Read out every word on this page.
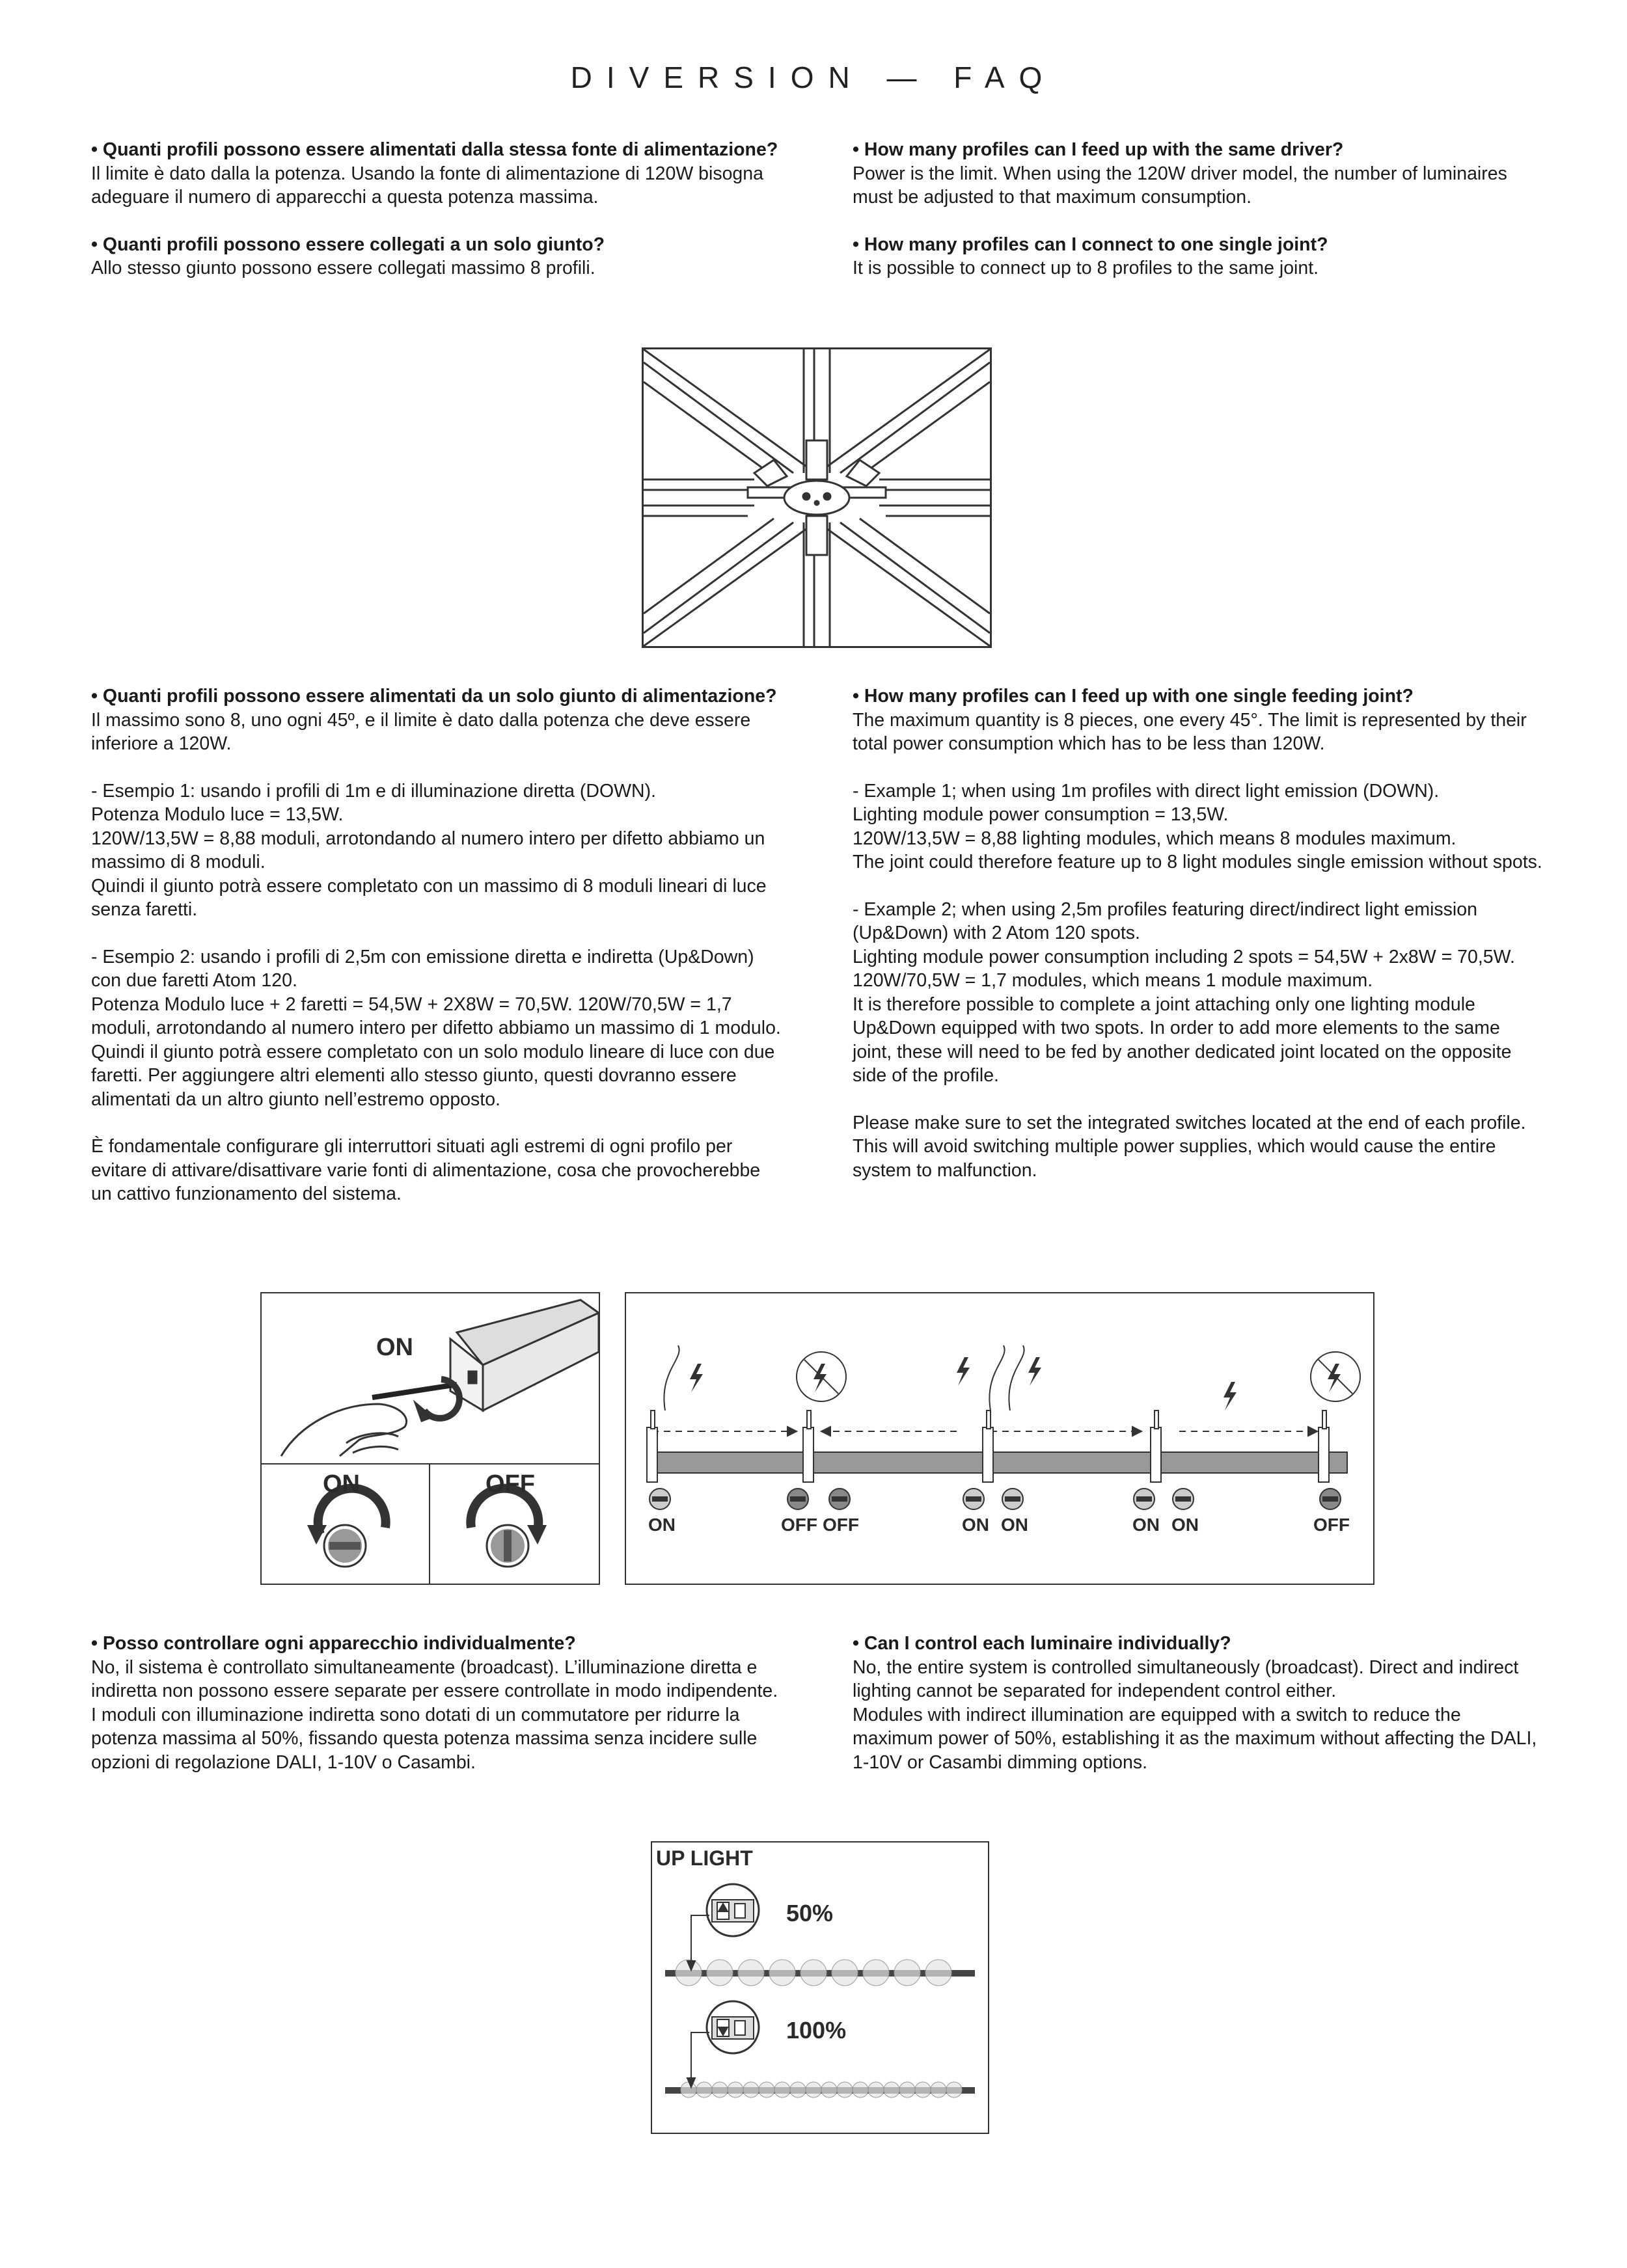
DIVERSION — FAQ

• Quanti profili possono essere alimentati dalla stessa fonte di alimentazione?

Il limite è dato dalla la potenza. Usando la fonte di alimentazione di 120W bisogna adeguare il numero di apparecchi a questa potenza massima.

• Quanti profili possono essere collegati a un solo giunto?

Allo stesso giunto possono essere collegati massimo 8 profili.

• How many profiles can I feed up with the same driver?

Power is the limit. When using the 120W driver model, the number of luminaires must be adjusted to that maximum consumption.

• How many profiles can I connect to one single joint?

It is possible to connect up to 8 profiles to the same joint.

• Quanti profili possono essere alimentati da un solo giunto di alimentazione?

Il massimo sono 8, uno ogni 45º, e il limite è dato dalla potenza che deve essere inferiore a 120W.

- Esempio 1: usando i profili di 1m e di illuminazione diretta (DOWN).

Potenza Modulo luce = 13,5W.

120W/13,5W = 8,88 moduli, arrotondando al numero intero per difetto abbiamo un massimo di 8 moduli.

Quindi il giunto potrà essere completato con un massimo di 8 moduli lineari di luce senza faretti.

- Esempio 2: usando i profili di 2,5m con emissione diretta e indiretta (Up&Down) con due faretti Atom 120.

Potenza Modulo luce + 2 faretti = 54,5W + 2X8W = 70,5W. 120W/70,5W = 1,7 moduli, arrotondando al numero intero per difetto abbiamo un massimo di 1 modulo.

Quindi il giunto potrà essere completato con un solo modulo lineare di luce con due faretti. Per aggiungere altri elementi allo stesso giunto, questi dovranno essere alimentati da un altro giunto nell’estremo opposto.

È fondamentale configurare gli interruttori situati agli estremi di ogni profilo per evitare di attivare/disattivare varie fonti di alimentazione, cosa che provocherebbe un cattivo funzionamento del sistema.

• How many profiles can I feed up with one single feeding joint?

The maximum quantity is 8 pieces, one every 45°. The limit is represented by their total power consumption which has to be less than 120W.

- Example 1; when using 1m profiles with direct light emission (DOWN).

Lighting module power consumption = 13,5W.

120W/13,5W = 8,88 lighting modules, which means 8 modules maximum.

The joint could therefore feature up to 8 light modules single emission without spots.

- Example 2; when using 2,5m profiles featuring direct/indirect light emission (Up&Down) with 2 Atom 120 spots.

Lighting module power consumption including 2 spots = 54,5W + 2x8W = 70,5W.

120W/70,5W = 1,7 modules, which means 1 module maximum.

It is therefore possible to complete a joint attaching only one lighting module Up&Down equipped with two spots. In order to add more elements to the same joint, these will need to be fed by another dedicated joint located on the opposite side of the profile.

Please make sure to set the integrated switches located at the end of each profile. This will avoid switching multiple power supplies, which would cause the entire system to malfunction.

ON
ON	OFF
ON	OFF OFF	ON ON	ON ON	OFF

• Posso controllare ogni apparecchio individualmente?

No, il sistema è controllato simultaneamente (broadcast). L’illuminazione diretta e indiretta non possono essere separate per essere controllate in modo indipendente.

I moduli con illuminazione indiretta sono dotati di un commutatore per ridurre la potenza massima al 50%, fissando questa potenza massima senza incidere sulle opzioni di regolazione DALI, 1-10V o Casambi.

• Can I control each luminaire individually?

No, the entire system is controlled simultaneously (broadcast). Direct and indirect lighting cannot be separated for independent control either.

Modules with indirect illumination are equipped with a switch to reduce the maximum power of 50%, establishing it as the maximum without affecting the DALI, 1-10V or Casambi dimming options.

UP LIGHT
50%
100%
